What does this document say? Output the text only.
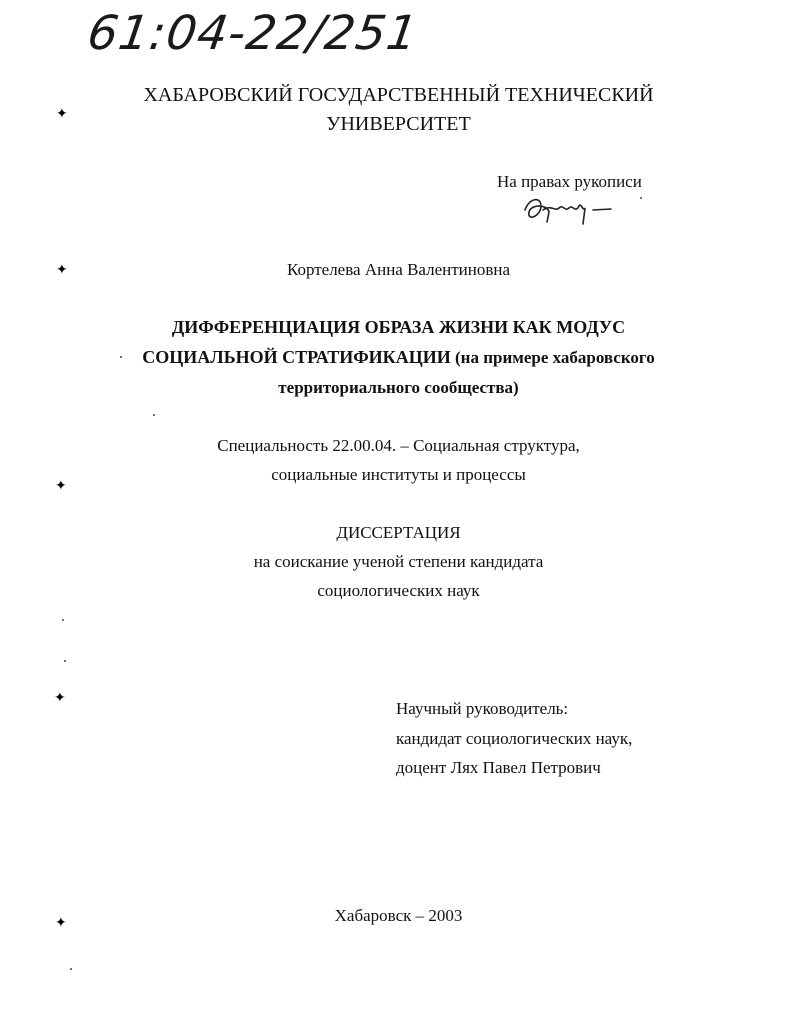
61:04-22/251
ХАБАРОВСКИЙ ГОСУДАРСТВЕННЫЙ ТЕХНИЧЕСКИЙ
УНИВЕРСИТЕТ
На правах рукописи
Кортелева Анна Валентиновна
ДИФФЕРЕНЦИАЦИЯ ОБРАЗА ЖИЗНИ КАК МОДУС
СОЦИАЛЬНОЙ СТРАТИФИКАЦИИ (на примере хабаровского
территориального сообщества)
Специальность 22.00.04. – Социальная структура,
социальные институты и процессы
ДИССЕРТАЦИЯ
на соискание ученой степени кандидата
социологических наук
Научный руководитель:
кандидат социологических наук,
доцент Лях Павел Петрович
Хабаровск – 2003
✦
✦
✦
✦
✦
